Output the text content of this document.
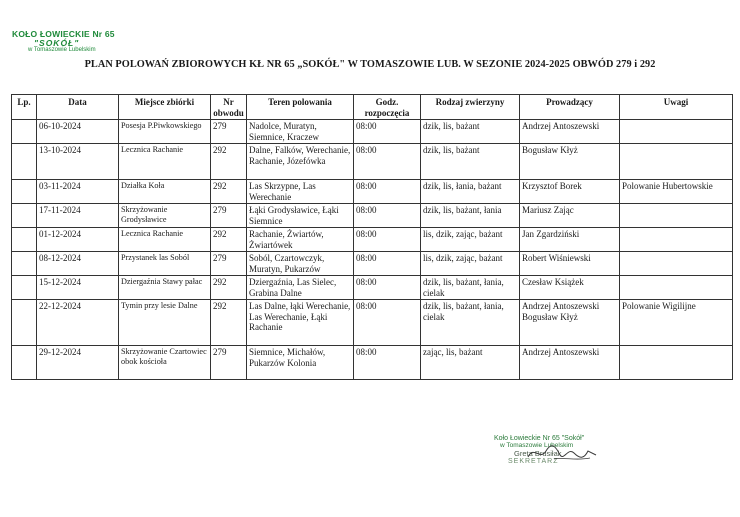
KOŁO ŁOWIECKIE Nr 65
"SOKÓŁ"
w Tomaszowie Lubelskim
PLAN POLOWAŃ ZBIOROWYCH KŁ NR 65 „SOKÓŁ" W TOMASZOWIE LUB. W SEZONIE 2024-2025 OBWÓD 279 i 292
Lp.	Data	Miejsce zbiórki	Nr obwodu	Teren polowania	Godz. rozpoczęcia	Rodzaj zwierzyny	Prowadzący	Uwagi
	06-10-2024	Posesja P.Piwkowskiego	279	Nadolce, Muratyn, Siemnice, Kraczew	08:00	dzik, lis, bażant	Andrzej Antoszewski	
	13-10-2024	Lecznica Rachanie	292	Dalne, Falków, Werechanie, Rachanie, Józefówka	08:00	dzik, lis, bażant	Bogusław Kłyż	
	03-11-2024	Działka Koła	292	Las Skrzypne, Las Werechanie	08:00	dzik, lis, łania, bażant	Krzysztof Borek	Polowanie Hubertowskie
	17-11-2024	Skrzyżowanie Grodysławice	279	Łąki Grodysławice, Łąki Siemnice	08:00	dzik, lis, bażant, łania	Mariusz Zając	
	01-12-2024	Lecznica Rachanie	292	Rachanie, Żwiartów, Żwiartówek	08:00	lis, dzik, zając, bażant	Jan Zgardziński	
	08-12-2024	Przystanek las Soból	279	Soból, Czartowczyk, Muratyn, Pukarzów	08:00	lis, dzik, zając, bażant	Robert Wiśniewski	
	15-12-2024	Dziergaźnia Stawy pałac	292	Dziergaźnia, Las Sielec, Grabina Dalne	08:00	dzik, lis, bażant, łania, cielak	Czesław Książek	
	22-12-2024	Tymin przy lesie Dalne	292	Las Dalne, łąki Werechanie, Las Werechanie, Łąki Rachanie	08:00	dzik, lis, bażant, łania, cielak	Andrzej Antoszewski Bogusław Kłyż	Polowanie Wigilijne
	29-12-2024	Skrzyżowanie Czartowiec obok kościoła	279	Siemnice, Michałów, Pukarzów Kolonia	08:00	zając, lis, bażant	Andrzej Antoszewski	
Koło Łowieckie Nr 65 "Sokół"
w Tomaszowie Lubelskim
Greta Brusiłak
SEKRETARZ
